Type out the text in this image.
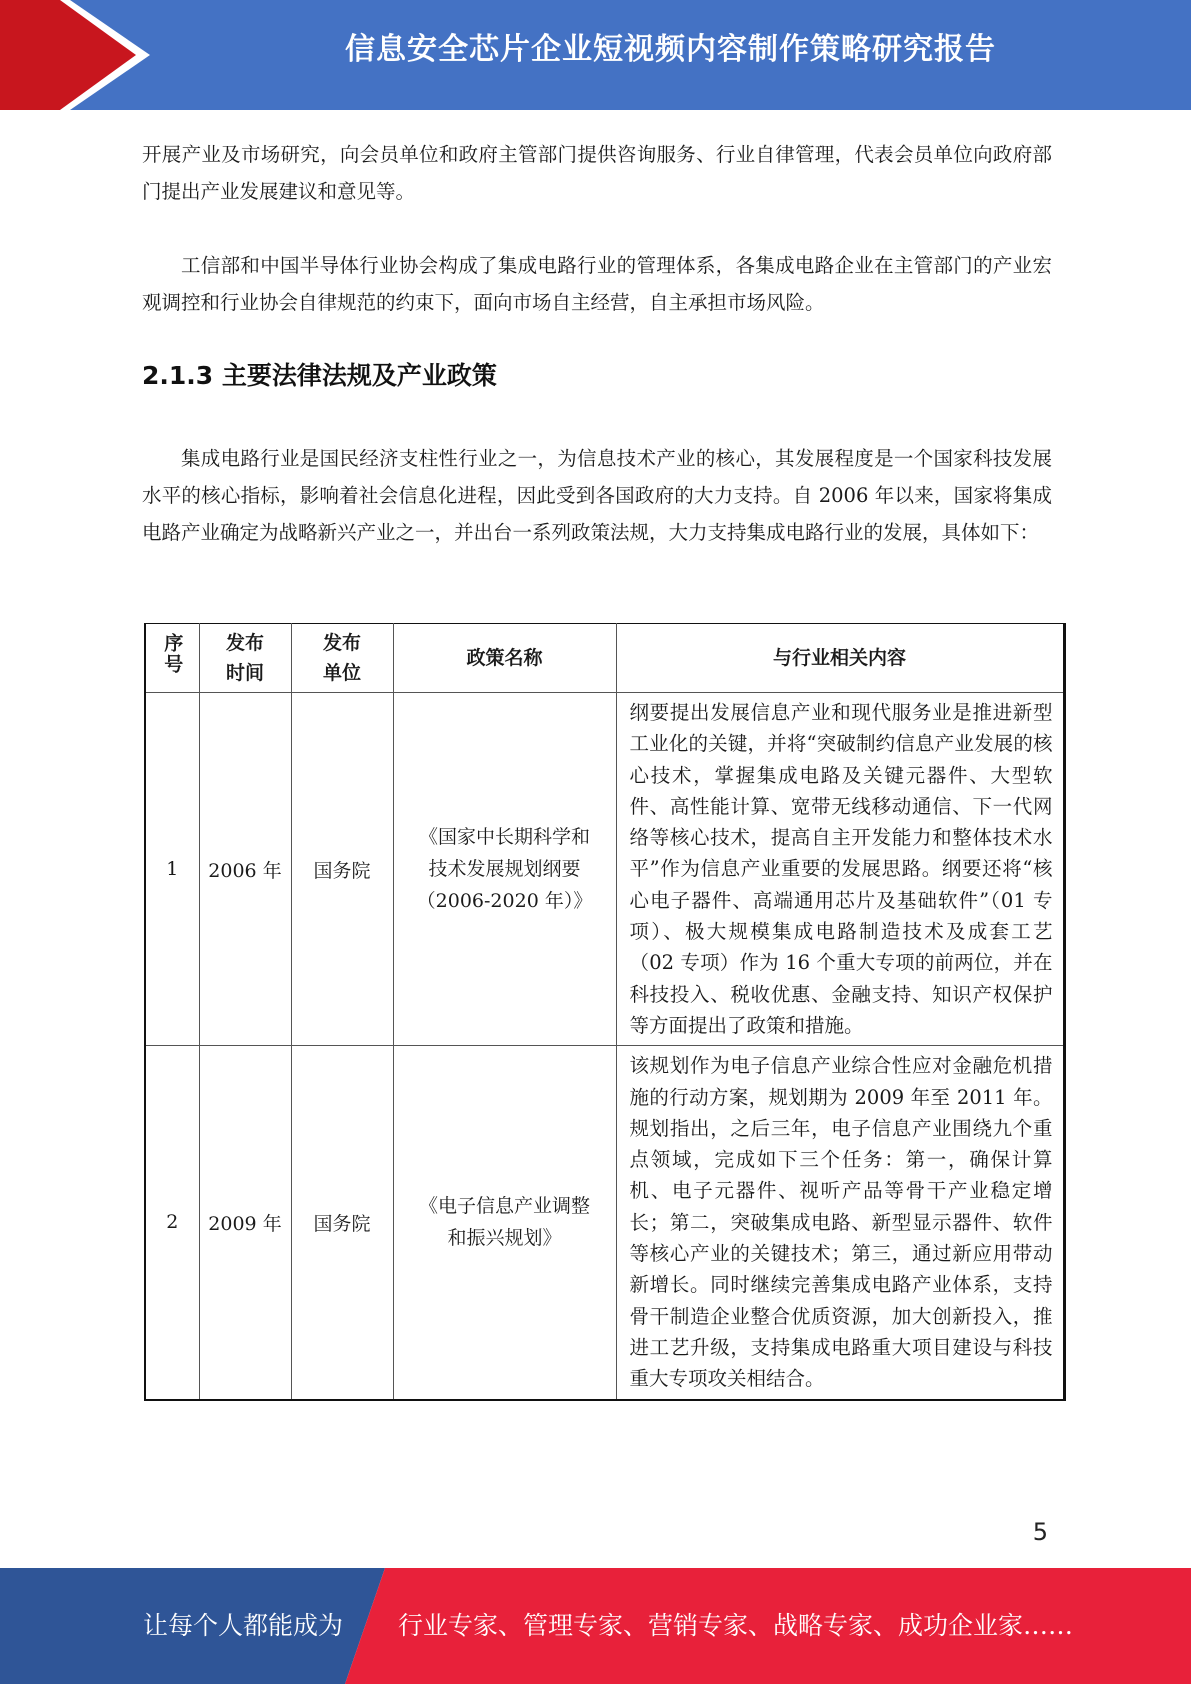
信息安全芯片企业短视频内容制作策略研究报告

开展产业及市场研究，向会员单位和政府主管部门提供咨询服务、行业自律管理，代表会员单位向政府部门提出产业发展建议和意见等。

工信部和中国半导体行业协会构成了集成电路行业的管理体系，各集成电路企业在主管部门的产业宏观调控和行业协会自律规范的约束下，面向市场自主经营，自主承担市场风险。

2.1.3 主要法律法规及产业政策

集成电路行业是国民经济支柱性行业之一，为信息技术产业的核心，其发展程度是一个国家科技发展水平的核心指标，影响着社会信息化进程，因此受到各国政府的大力支持。自 2006 年以来，国家将集成电路产业确定为战略新兴产业之一，并出台一系列政策法规，大力支持集成电路行业的发展，具体如下：

序号	发布时间	发布单位	政策名称	与行业相关内容
1	2006 年	国务院	《国家中长期科学和技术发展规划纲要（2006-2020 年）》	纲要提出发展信息产业和现代服务业是推进新型工业化的关键，并将“突破制约信息产业发展的核心技术，掌握集成电路及关键元器件、大型软件、高性能计算、宽带无线移动通信、下一代网络等核心技术，提高自主开发能力和整体技术水平”作为信息产业重要的发展思路。纲要还将“核心电子器件、高端通用芯片及基础软件”（01 专项）、极大规模集成电路制造技术及成套工艺（02 专项）作为 16 个重大专项的前两位，并在科技投入、税收优惠、金融支持、知识产权保护等方面提出了政策和措施。
2	2009 年	国务院	《电子信息产业调整和振兴规划》	该规划作为电子信息产业综合性应对金融危机措施的行动方案，规划期为 2009 年至 2011 年。规划指出，之后三年，电子信息产业围绕九个重点领域，完成如下三个任务：第一，确保计算机、电子元器件、视听产品等骨干产业稳定增长；第二，突破集成电路、新型显示器件、软件等核心产业的关键技术；第三，通过新应用带动新增长。同时继续完善集成电路产业体系，支持骨干制造企业整合优质资源，加大创新投入，推进工艺升级，支持集成电路重大项目建设与科技重大专项攻关相结合。
5
让每个人都能成为 行业专家、管理专家、营销专家、战略专家、成功企业家……
